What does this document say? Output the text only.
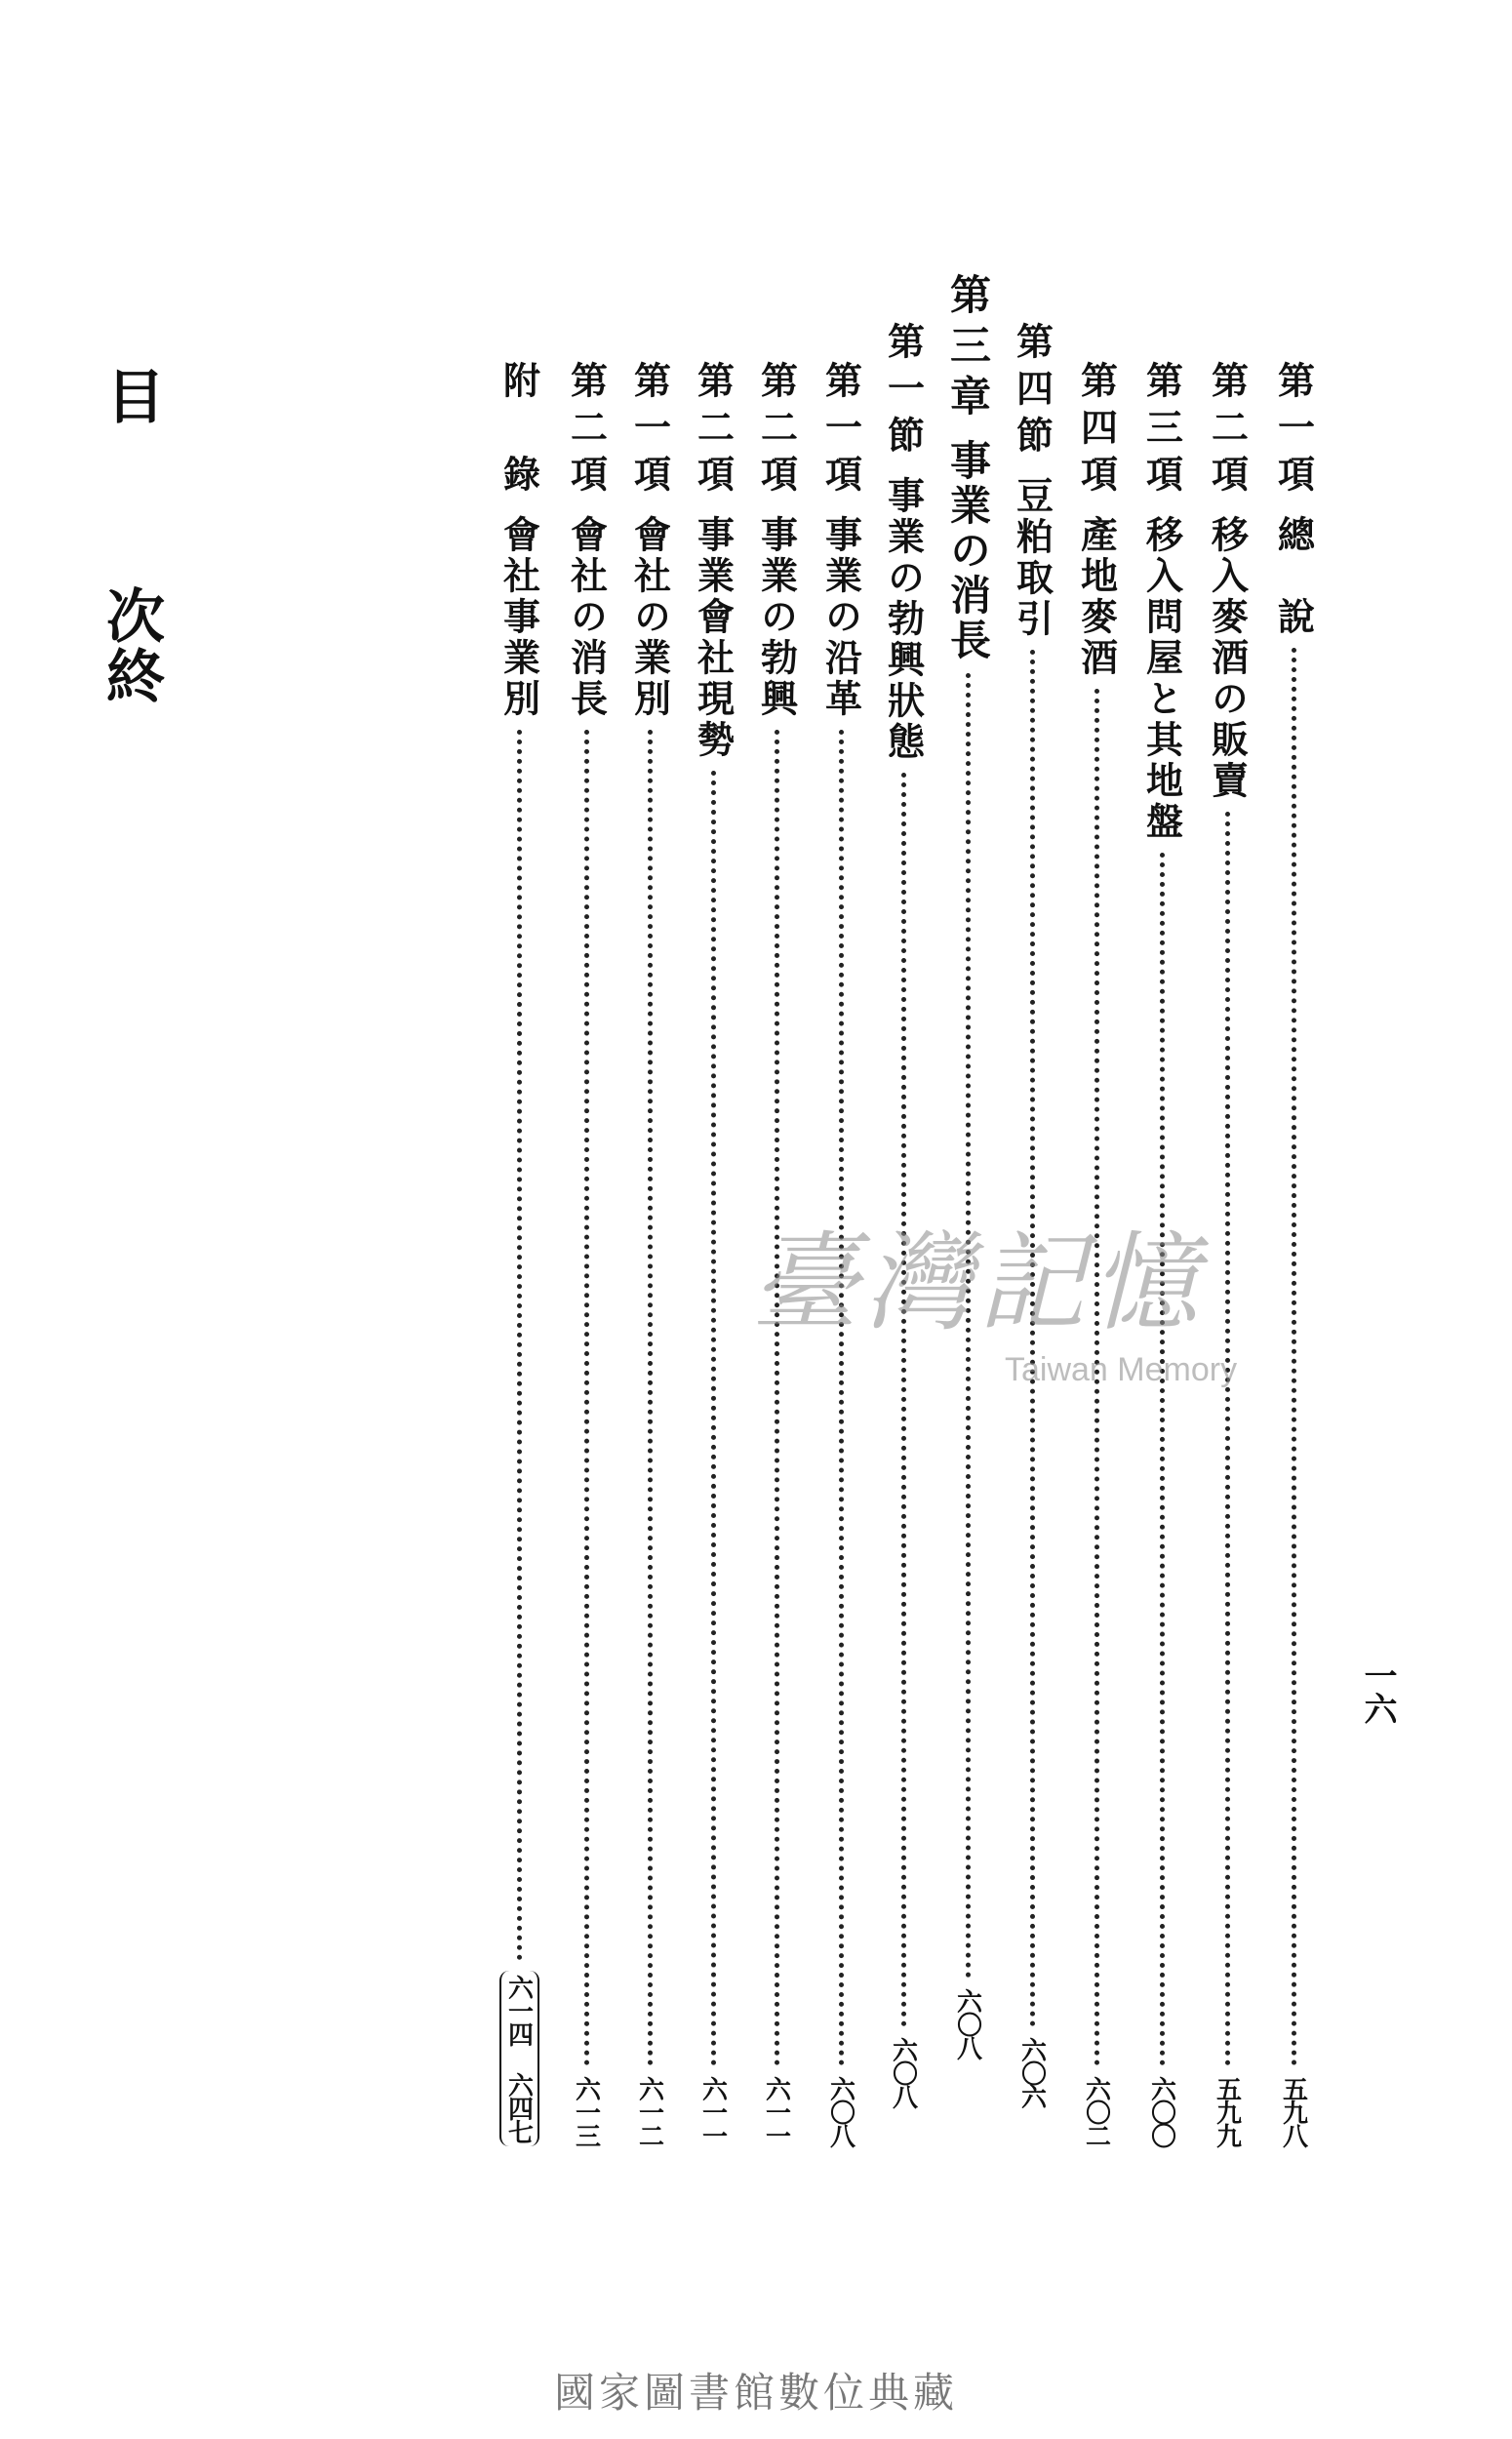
第一項
總　說
五九八
第二項
移入麥酒の販賣
五九九
第三項
移入問屋と其地盤
六〇〇
第四項
產地麥酒
六〇二
第四節
豆粕取引
六〇六
第三章
事業の消長
六〇八
第一節
事業の勃興狀態
六〇八
第一項
事業の沿革
六〇八
第二項
事業の勃興
六一一
第二項
事業會社現勢
六一一
第一項
會社の業別
六一二
第二項
會社の消長
六一三
附　錄
會社事業別
六一四 六四七
目
次終
一六
臺灣記憶
Taiwan Memory
國家圖書館數位典藏
